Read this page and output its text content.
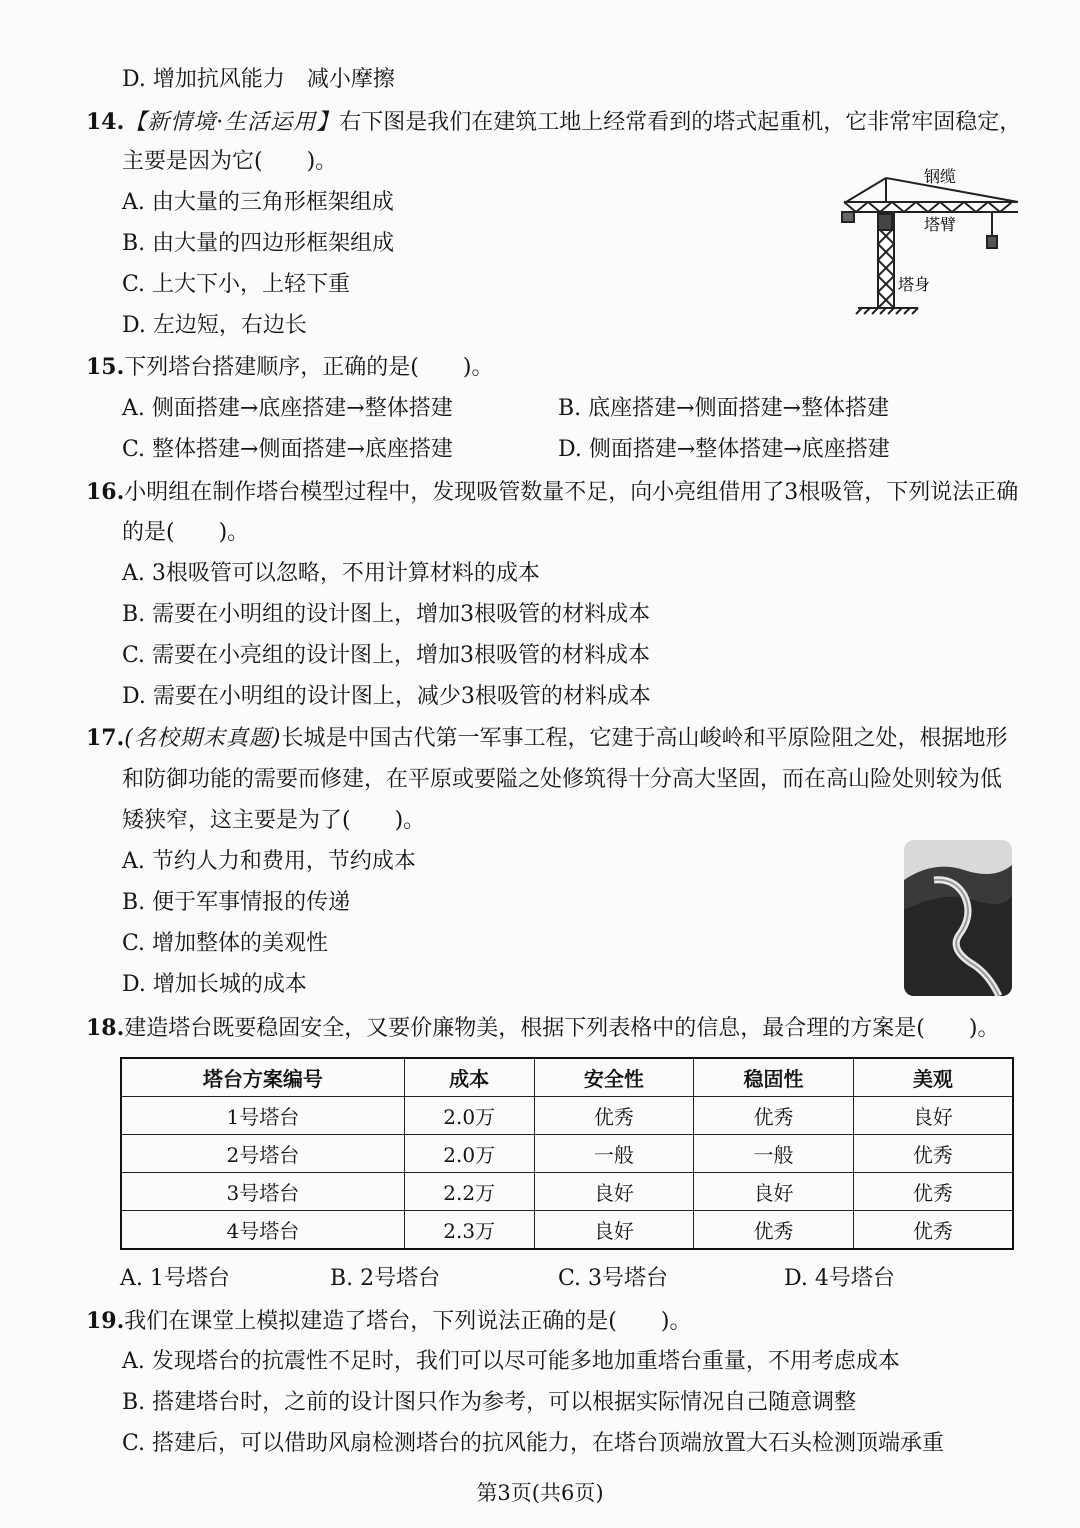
D. 增加抗风能力　减小摩擦
14.【新情境·生活运用】右下图是我们在建筑工地上经常看到的塔式起重机，它非常牢固稳定，
主要是因为它(　　)。
A. 由大量的三角形框架组成
B. 由大量的四边形框架组成
C. 上大下小，上轻下重
D. 左边短，右边长
钢缆
塔臂
塔身
15.下列塔台搭建顺序，正确的是(　　)。
A. 侧面搭建→底座搭建→整体搭建	B. 底座搭建→侧面搭建→整体搭建
C. 整体搭建→侧面搭建→底座搭建	D. 侧面搭建→整体搭建→底座搭建
16.小明组在制作塔台模型过程中，发现吸管数量不足，向小亮组借用了3根吸管，下列说法正确
的是(　　)。
A. 3根吸管可以忽略，不用计算材料的成本
B. 需要在小明组的设计图上，增加3根吸管的材料成本
C. 需要在小亮组的设计图上，增加3根吸管的材料成本
D. 需要在小明组的设计图上，减少3根吸管的材料成本
17.(名校期末真题)长城是中国古代第一军事工程，它建于高山峻岭和平原险阻之处，根据地形
和防御功能的需要而修建，在平原或要隘之处修筑得十分高大坚固，而在高山险处则较为低
矮狭窄，这主要是为了(　　)。
A. 节约人力和费用，节约成本
B. 便于军事情报的传递
C. 增加整体的美观性
D. 增加长城的成本
18.建造塔台既要稳固安全，又要价廉物美，根据下列表格中的信息，最合理的方案是(　　)。
塔台方案编号	成本	安全性	稳固性	美观
1号塔台	2.0万	优秀	优秀	良好
2号塔台	2.0万	一般	一般	优秀
3号塔台	2.2万	良好	良好	优秀
4号塔台	2.3万	良好	优秀	优秀
A. 1号塔台	B. 2号塔台	C. 3号塔台	D. 4号塔台
19.我们在课堂上模拟建造了塔台，下列说法正确的是(　　)。
A. 发现塔台的抗震性不足时，我们可以尽可能多地加重塔台重量，不用考虑成本
B. 搭建塔台时，之前的设计图只作为参考，可以根据实际情况自己随意调整
C. 搭建后，可以借助风扇检测塔台的抗风能力，在塔台顶端放置大石头检测顶端承重
第3页(共6页)
